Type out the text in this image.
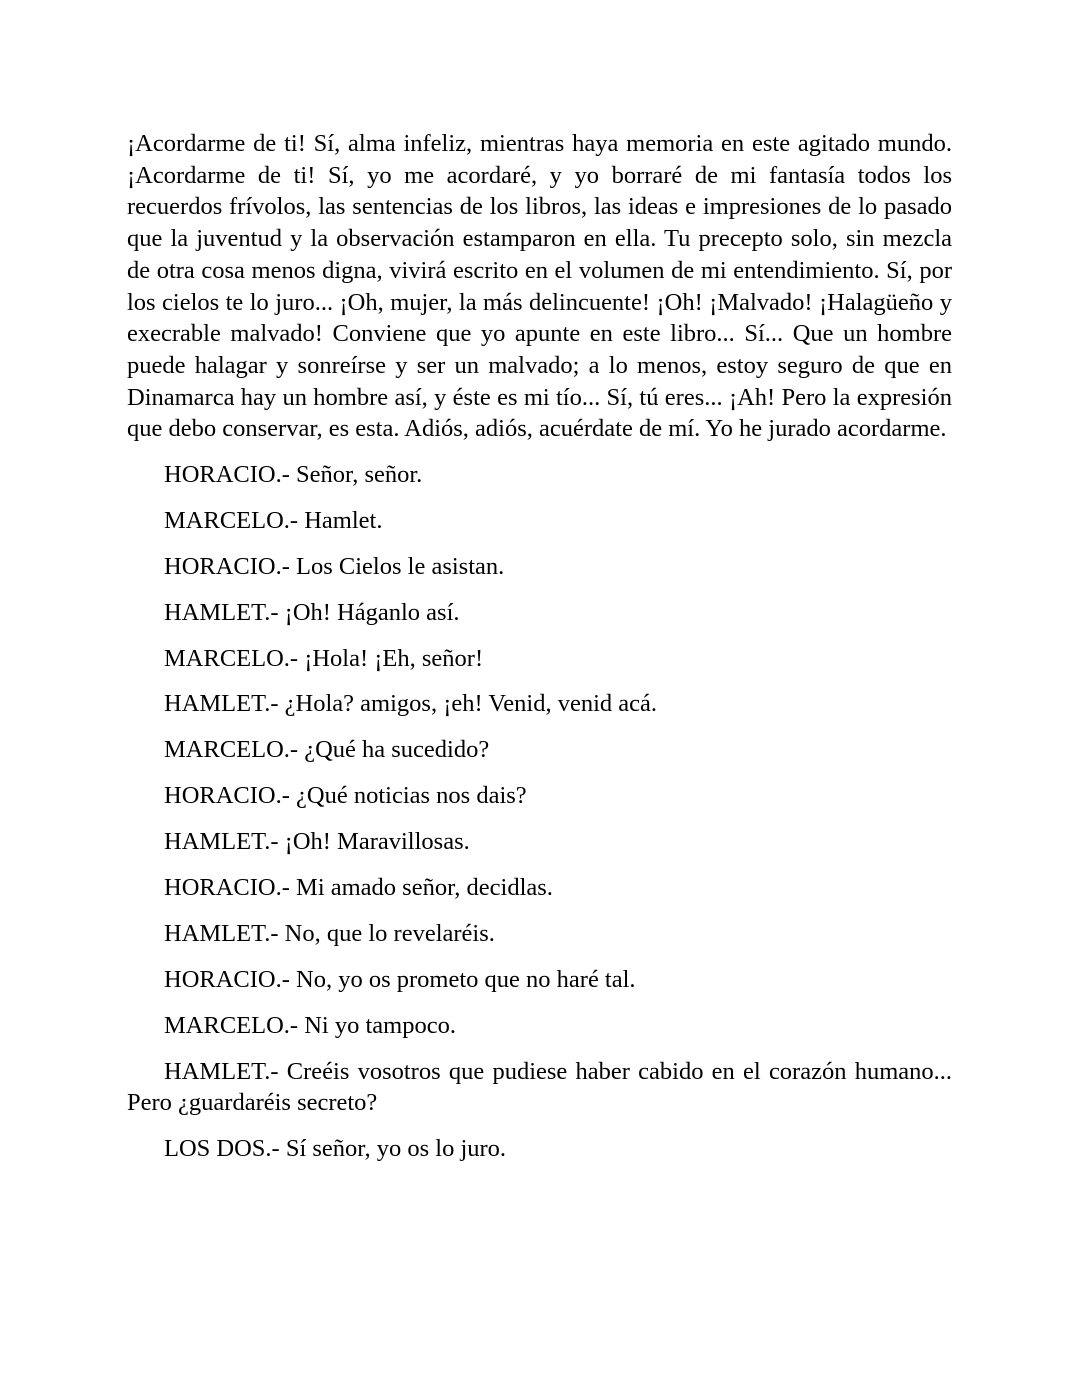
¡Acordarme de ti! Sí, alma infeliz, mientras haya memoria en este agitado mundo. ¡Acordarme de ti! Sí, yo me acordaré, y yo borraré de mi fantasía todos los recuerdos frívolos, las sentencias de los libros, las ideas e impresiones de lo pasado que la juventud y la observación estamparon en ella. Tu precepto solo, sin mezcla de otra cosa menos digna, vivirá escrito en el volumen de mi entendimiento. Sí, por los cielos te lo juro... ¡Oh, mujer, la más delincuente! ¡Oh! ¡Malvado! ¡Halagüeño y execrable malvado! Conviene que yo apunte en este libro... Sí... Que un hombre puede halagar y sonreírse y ser un malvado; a lo menos, estoy seguro de que en Dinamarca hay un hombre así, y éste es mi tío... Sí, tú eres... ¡Ah! Pero la expresión que debo conservar, es esta. Adiós, adiós, acuérdate de mí. Yo he jurado acordarme.

HORACIO.- Señor, señor.

MARCELO.- Hamlet.

HORACIO.- Los Cielos le asistan.

HAMLET.- ¡Oh! Háganlo así.

MARCELO.- ¡Hola! ¡Eh, señor!

HAMLET.- ¿Hola? amigos, ¡eh! Venid, venid acá.

MARCELO.- ¿Qué ha sucedido?

HORACIO.- ¿Qué noticias nos dais?

HAMLET.- ¡Oh! Maravillosas.

HORACIO.- Mi amado señor, decidlas.

HAMLET.- No, que lo revelaréis.

HORACIO.- No, yo os prometo que no haré tal.

MARCELO.- Ni yo tampoco.

HAMLET.- Creéis vosotros que pudiese haber cabido en el corazón humano... Pero ¿guardaréis secreto?

LOS DOS.- Sí señor, yo os lo juro.
